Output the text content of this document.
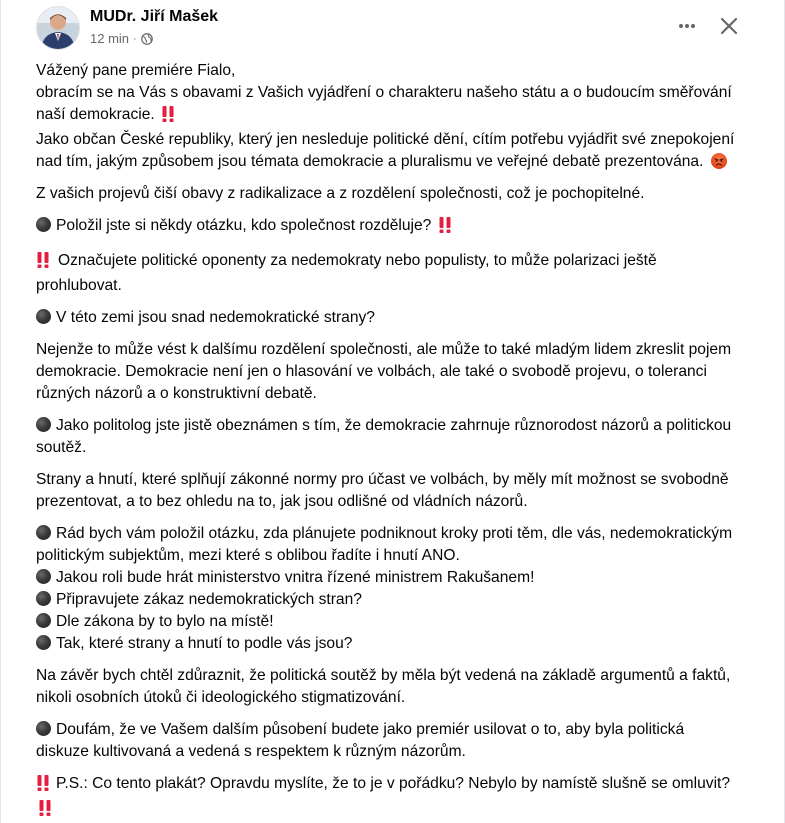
MUDr. Jiří Mašek
12 min ·

Vážený pane premiére Fialo,
obracím se na Vás s obavami z Vašich vyjádření o charakteru našeho státu a o budoucím směřování naší demokracie.
Jako občan České republiky, který jen nesleduje politické dění, cítím potřebu vyjádřit své znepokojení nad tím, jakým způsobem jsou témata demokracie a pluralismu ve veřejné debatě prezentována.

Z vašich projevů čiší obavy z radikalizace a z rozdělení společnosti, což je pochopitelné.

Položil jste si někdy otázku, kdo společnost rozděluje?

Označujete politické oponenty za nedemokraty nebo populisty, to může polarizaci ještě prohlubovat.

V této zemi jsou snad nedemokratické strany?

Nejenže to může vést k dalšímu rozdělení společnosti, ale může to také mladým lidem zkreslit pojem demokracie. Demokracie není jen o hlasování ve volbách, ale také o svobodě projevu, o toleranci různých názorů a o konstruktivní debatě.

Jako politolog jste jistě obeznámen s tím, že demokracie zahrnuje různorodost názorů a politickou soutěž.

Strany a hnutí, které splňují zákonné normy pro účast ve volbách, by měly mít možnost se svobodně prezentovat, a to bez ohledu na to, jak jsou odlišné od vládních názorů.

Rád bych vám položil otázku, zda plánujete podniknout kroky proti těm, dle vás, nedemokratickým politickým subjektům, mezi které s oblibou řadíte i hnutí ANO.
Jakou roli bude hrát ministerstvo vnitra řízené ministrem Rakušanem!
Připravujete zákaz nedemokratických stran?
Dle zákona by to bylo na místě!
Tak, které strany a hnutí to podle vás jsou?

Na závěr bych chtěl zdůraznit, že politická soutěž by měla být vedená na základě argumentů a faktů, nikoli osobních útoků či ideologického stigmatizování.

Doufám, že ve Vašem dalším působení budete jako premiér usilovat o to, aby byla politická diskuze kultivovaná a vedená s respektem k různým názorům.

P.S.: Co tento plakát? Opravdu myslíte, že to je v pořádku? Nebylo by namístě slušně se omluvit?
